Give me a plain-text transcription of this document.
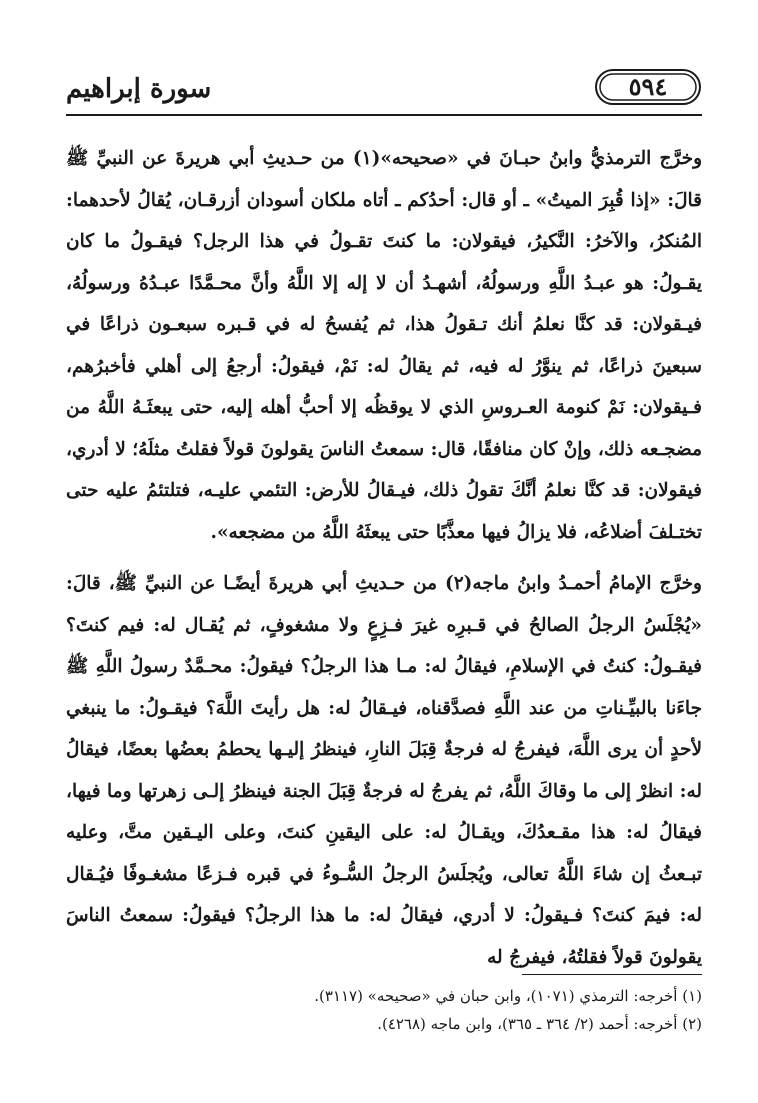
سورة إبراهيم	٥٩٤

وخرَّج الترمذيُّ وابنُ حبـانَ في «صحيحه»(١) من حـديثِ أبي هريرةَ عن النبيِّ ﷺ قالَ: «إذا قُبِرَ الميتُ» ـ أو قال: أحدُكم ـ أتاه ملكان أسودان أزرقـان، يُقالُ لأحدهما: المُنكرُ، والآخرُ: النَّكيرُ، فيقولان: ما كنتَ تقـولُ في هذا الرجل؟ فيقـولُ ما كان يقـولُ: هو عبـدُ اللَّهِ ورسولُهُ، أشهـدُ أن لا إله إلا اللَّهُ وأنَّ محـمَّدًا عبـدُهُ ورسولُهُ، فيـقولان: قد كنَّا نعلمُ أنك تـقولُ هذا، ثم يُفسحُ له في قـبره سبعـون ذراعًا في سبعينَ ذراعًا، ثم ينوَّرُ له فيه، ثم يقالُ له: نَمْ، فيقولُ: أرجعُ إلى أهلي فأخبرُهم، فـيقولان: نَمْ كنومة العـروسِ الذي لا يوقظُه إلا أحبُّ أهله إليه، حتى يبعثَـهُ اللَّهُ من مضجـعه ذلك، وإنْ كان منافقًا، قال: سمعتُ الناسَ يقولونَ قولاً فقلتُ مثلَهُ؛ لا أدري، فيقولان: قد كنَّا نعلمُ أنَّكَ تقولُ ذلك، فيـقالُ للأرض: التئمي عليـه، فتلتئمُ عليه حتى تختـلفَ أضلاعُه، فلا يزالُ فيها معذَّبًا حتى يبعثَهُ اللَّهُ من مضجعه».

وخرَّج الإمامُ أحمـدُ وابنُ ماجه(٢) من حـديثِ أبي هريرةَ أيضًـا عن النبيِّ ﷺ، قالَ: «يُجْلَسُ الرجلُ الصالحُ في قـبرِه غيرَ فـزِعٍ ولا مشغوفٍ، ثم يُقـال له: فيم كنتَ؟ فيقـولُ: كنتُ في الإسلامِ، فيقالُ له: مـا هذا الرجلُ؟ فيقولُ: محـمَّدٌ رسولُ اللَّهِ ﷺ جاءَنا بالبيِّـناتِ من عند اللَّهِ فصدَّقناه، فيـقالُ له: هل رأيتَ اللَّهَ؟ فيقـولُ: ما ينبغي لأحدٍ أن يرى اللَّهَ، فيفرجُ له فرجةٌ قِبَلَ النارِ، فينظرُ إليـها يحطمُ بعضُها بعضًا، فيقالُ له: انظرْ إلى ما وقاكَ اللَّهُ، ثم يفرجُ له فرجةٌ قِبَلَ الجنة فينظرُ إلـى زهرتها وما فيها، فيقالُ له: هذا مقـعدُكَ، ويقـالُ له: على اليقينِ كنتَ، وعلى اليـقين متَّ، وعليه تبـعثُ إن شاءَ اللَّهُ تعالى، ويُجلَسُ الرجلُ السُّـوءُ في قبره فـزعًا مشغـوفًا فيُـقال له: فيمَ كنتَ؟ فـيقولُ: لا أدري، فيقالُ له: ما هذا الرجلُ؟ فيقولُ: سمعتُ الناسَ يقولونَ قولاً فقلتُهُ، فيفرجُ له

(١) أخرجه: الترمذي (١٠٧١)، وابن حبان في «صحيحه» (٣١١٧).

(٢) أخرجه: أحمد (٢/ ٣٦٤ ـ ٣٦٥)، وابن ماجه (٤٢٦٨).
